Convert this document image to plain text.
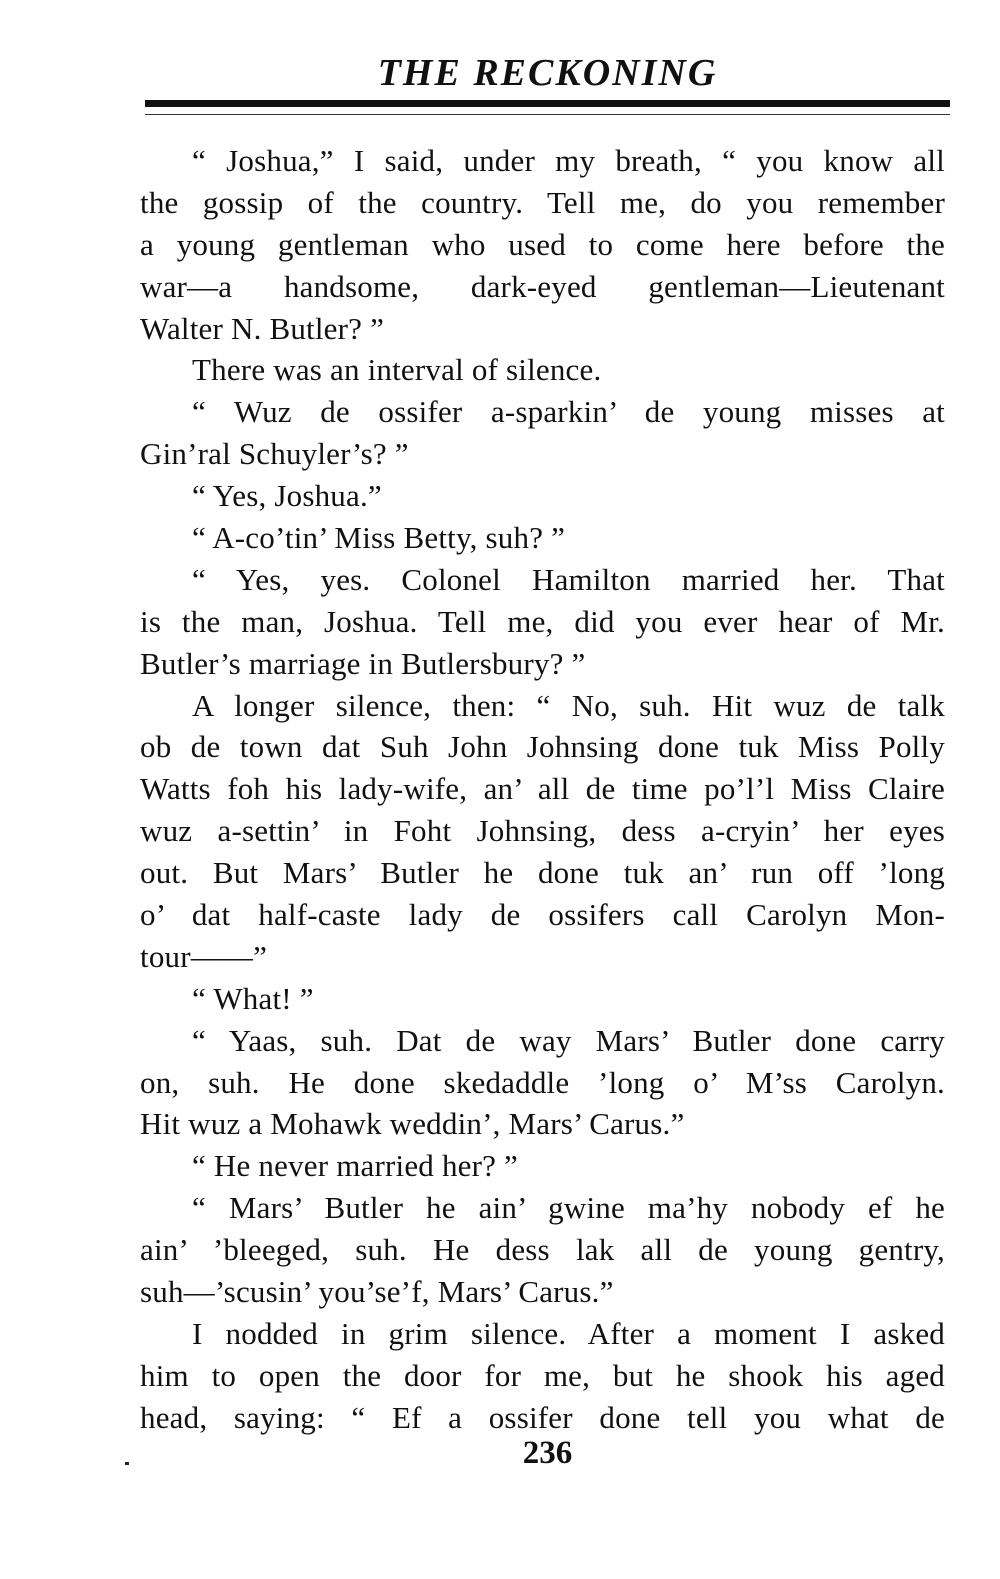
THE RECKONING
“ Joshua,” I said, under my breath, “ you know all
the gossip of the country. Tell me, do you remember
a young gentleman who used to come here before the
war—a handsome, dark-eyed gentleman—Lieutenant
Walter N. Butler? ”
There was an interval of silence.
“ Wuz de ossifer a-sparkin’ de young misses at
Gin’ral Schuyler’s? ”
“ Yes, Joshua.”
“ A-co’tin’ Miss Betty, suh? ”
“ Yes, yes. Colonel Hamilton married her. That
is the man, Joshua. Tell me, did you ever hear of Mr.
Butler’s marriage in Butlersbury? ”
A longer silence, then: “ No, suh. Hit wuz de talk
ob de town dat Suh John Johnsing done tuk Miss Polly
Watts foh his lady-wife, an’ all de time po’l’l Miss Claire
wuz a-settin’ in Foht Johnsing, dess a-cryin’ her eyes
out. But Mars’ Butler he done tuk an’ run off ’long
o’ dat half-caste lady de ossifers call Carolyn Mon-
tour——”
“ What! ”
“ Yaas, suh. Dat de way Mars’ Butler done carry
on, suh. He done skedaddle ’long o’ M’ss Carolyn.
Hit wuz a Mohawk weddin’, Mars’ Carus.”
“ He never married her? ”
“ Mars’ Butler he ain’ gwine ma’hy nobody ef he
ain’ ’bleeged, suh. He dess lak all de young gentry,
suh—’scusin’ you’se’f, Mars’ Carus.”
I nodded in grim silence. After a moment I asked
him to open the door for me, but he shook his aged
head, saying: “ Ef a ossifer done tell you what de
236
